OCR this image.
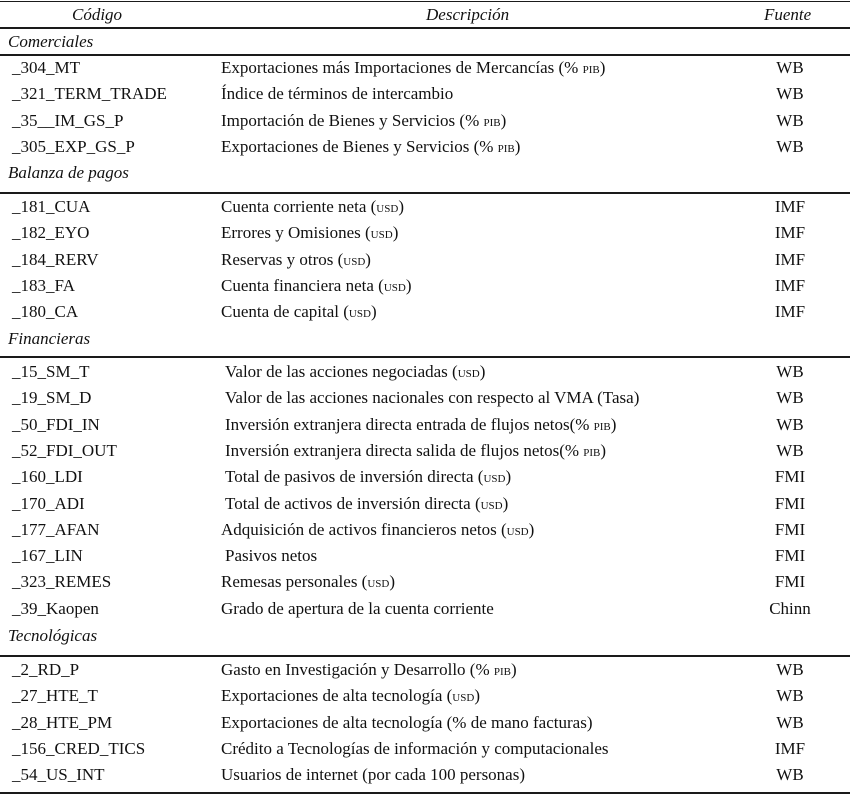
Código	Descripción	Fuente
Comerciales
_304_MT	Exportaciones más Importaciones de Mercancías (% pib)	WB
_321_TERM_TRADE	Índice de términos de intercambio	WB
_35__IM_GS_P	Importación de Bienes y Servicios (% pib)	WB
_305_EXP_GS_P	Exportaciones de Bienes y Servicios (% pib)	WB
Balanza de pagos
_181_CUA	Cuenta corriente neta (usd)	IMF
_182_EYO	Errores y Omisiones (usd)	IMF
_184_RERV	Reservas y otros (usd)	IMF
_183_FA	Cuenta financiera neta (usd)	IMF
_180_CA	Cuenta de capital (usd)	IMF
Financieras
_15_SM_T	Valor de las acciones negociadas (usd)	WB
_19_SM_D	Valor de las acciones nacionales con respecto al VMA (Tasa)	WB
_50_FDI_IN	Inversión extranjera directa entrada de flujos netos(% pib)	WB
_52_FDI_OUT	Inversión extranjera directa salida de flujos netos(% pib)	WB
_160_LDI	Total de pasivos de inversión directa (usd)	FMI
_170_ADI	Total de activos de inversión directa (usd)	FMI
_177_AFAN	Adquisición de activos financieros netos (usd)	FMI
_167_LIN	Pasivos netos	FMI
_323_REMES	Remesas personales (usd)	FMI
_39_Kaopen	Grado de apertura de la cuenta corriente	Chinn
Tecnológicas
_2_RD_P	Gasto en Investigación y Desarrollo (% pib)	WB
_27_HTE_T	Exportaciones de alta tecnología (usd)	WB
_28_HTE_PM	Exportaciones de alta tecnología (% de mano facturas)	WB
_156_CRED_TICS	Crédito a Tecnologías de información y computacionales	IMF
_54_US_INT	Usuarios de internet (por cada 100 personas)	WB
